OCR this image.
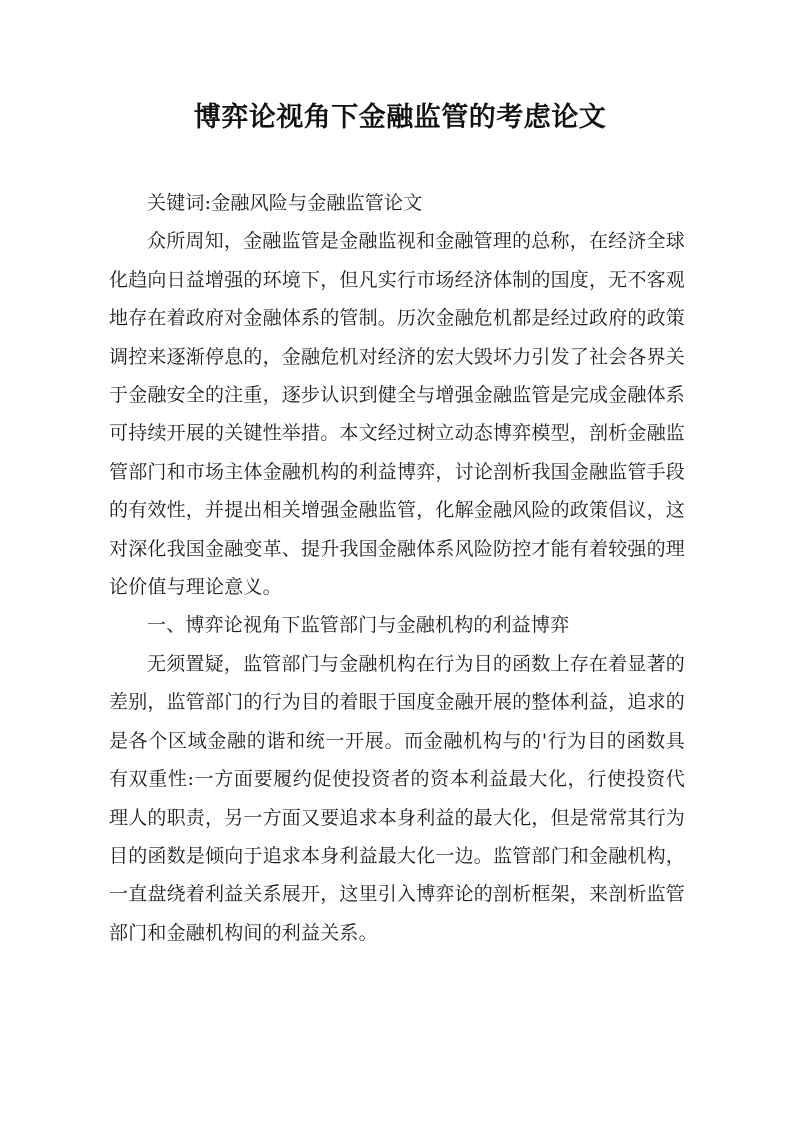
博弈论视角下金融监管的考虑论文

关键词:金融风险与金融监管论文

众所周知，金融监管是金融监视和金融管理的总称，在经济全球化趋向日益增强的环境下，但凡实行市场经济体制的国度，无不客观地存在着政府对金融体系的管制。历次金融危机都是经过政府的政策调控来逐渐停息的，金融危机对经济的宏大毁坏力引发了社会各界关于金融安全的注重，逐步认识到健全与增强金融监管是完成金融体系可持续开展的关键性举措。本文经过树立动态博弈模型，剖析金融监管部门和市场主体金融机构的利益博弈，讨论剖析我国金融监管手段的有效性，并提出相关增强金融监管，化解金融风险的政策倡议，这对深化我国金融变革、提升我国金融体系风险防控才能有着较强的理论价值与理论意义。

一、博弈论视角下监管部门与金融机构的利益博弈

无须置疑，监管部门与金融机构在行为目的函数上存在着显著的差别，监管部门的行为目的着眼于国度金融开展的整体利益，追求的是各个区域金融的谐和统一开展。而金融机构与的'行为目的函数具有双重性:一方面要履约促使投资者的资本利益最大化，行使投资代理人的职责，另一方面又要追求本身利益的最大化，但是常常其行为目的函数是倾向于追求本身利益最大化一边。监管部门和金融机构，一直盘绕着利益关系展开，这里引入博弈论的剖析框架，来剖析监管部门和金融机构间的利益关系。
